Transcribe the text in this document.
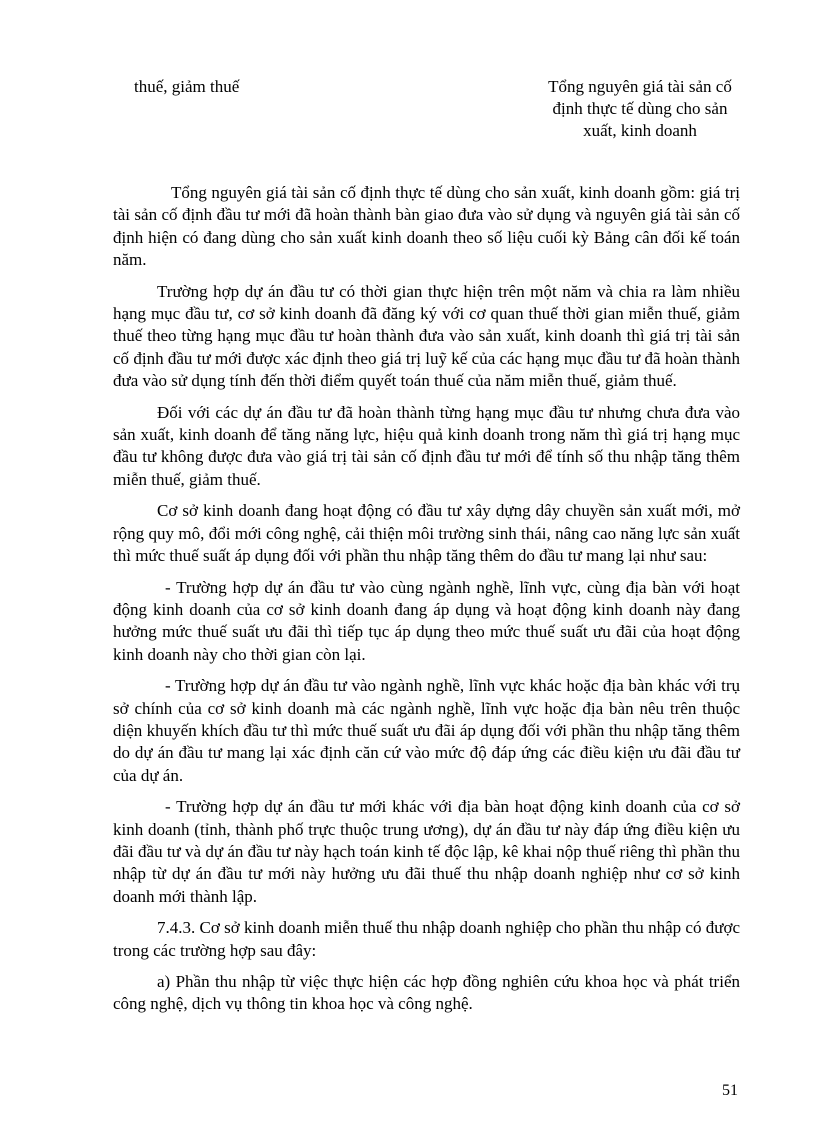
thuế, giảm thuế	Tổng nguyên giá tài sản cố
định thực tế dùng cho sản
xuất, kinh doanh

Tổng nguyên giá tài sản cố định thực tế dùng cho sản xuất, kinh doanh gồm: giá trị tài sản cố định đầu tư mới đã hoàn thành bàn giao đưa vào sử dụng và nguyên giá tài sản cố định hiện có đang dùng cho sản xuất kinh doanh theo số liệu cuối kỳ Bảng cân đối kế toán năm.

Trường hợp dự án đầu tư có thời gian thực hiện trên một năm và chia ra làm nhiều hạng mục đầu tư, cơ sở kinh doanh đã đăng ký với cơ quan thuế thời gian miễn thuế, giảm thuế theo từng hạng mục đầu tư hoàn thành đưa vào sản xuất, kinh doanh thì giá trị tài sản cố định đầu tư mới được xác định theo giá trị luỹ kế của các hạng mục đầu tư đã hoàn thành đưa vào sử dụng tính đến thời điểm quyết toán thuế của năm miễn thuế, giảm thuế.

Đối với các dự án đầu tư đã hoàn thành từng hạng mục đầu tư nhưng chưa đưa vào sản xuất, kinh doanh để tăng năng lực, hiệu quả kinh doanh trong năm thì giá trị hạng mục đầu tư không được đưa vào giá trị tài sản cố định đầu tư mới để tính số thu nhập tăng thêm miễn thuế, giảm thuế.

Cơ sở kinh doanh đang hoạt động có đầu tư xây dựng dây chuyền sản xuất mới, mở rộng quy mô, đổi mới công nghệ, cải thiện môi trường sinh thái, nâng cao năng lực sản xuất thì mức thuế suất áp dụng đối với phần thu nhập tăng thêm do đầu tư mang lại như sau:

- Trường hợp dự án đầu tư vào cùng ngành nghề, lĩnh vực, cùng địa bàn với hoạt động kinh doanh của cơ sở kinh doanh đang áp dụng và hoạt động kinh doanh này đang hưởng mức thuế suất ưu đãi thì tiếp tục áp dụng theo mức thuế suất ưu đãi của hoạt động kinh doanh này cho thời gian còn lại.

- Trường hợp dự án đầu tư vào ngành nghề, lĩnh vực khác hoặc địa bàn khác với trụ sở chính của cơ sở kinh doanh mà các ngành nghề, lĩnh vực hoặc địa bàn nêu trên thuộc diện khuyến khích đầu tư thì mức thuế suất ưu đãi áp dụng đối với phần thu nhập tăng thêm do dự án đầu tư mang lại xác định căn cứ vào mức độ đáp ứng các điều kiện ưu đãi đầu tư của dự án.

- Trường hợp dự án đầu tư mới khác với địa bàn hoạt động kinh doanh của cơ sở kinh doanh (tỉnh, thành phố trực thuộc trung ương), dự án đầu tư này đáp ứng điều kiện ưu đãi đầu tư và dự án đầu tư này hạch toán kinh tế độc lập, kê khai nộp thuế riêng thì phần thu nhập từ dự án đầu tư mới này hưởng ưu đãi thuế thu nhập doanh nghiệp như cơ sở kinh doanh mới thành lập.

7.4.3. Cơ sở kinh doanh miễn thuế thu nhập doanh nghiệp cho phần thu nhập có được trong các trường hợp sau đây:

a) Phần thu nhập từ việc thực hiện các hợp đồng nghiên cứu khoa học và phát triển công nghệ, dịch vụ thông tin khoa học và công nghệ.

51
